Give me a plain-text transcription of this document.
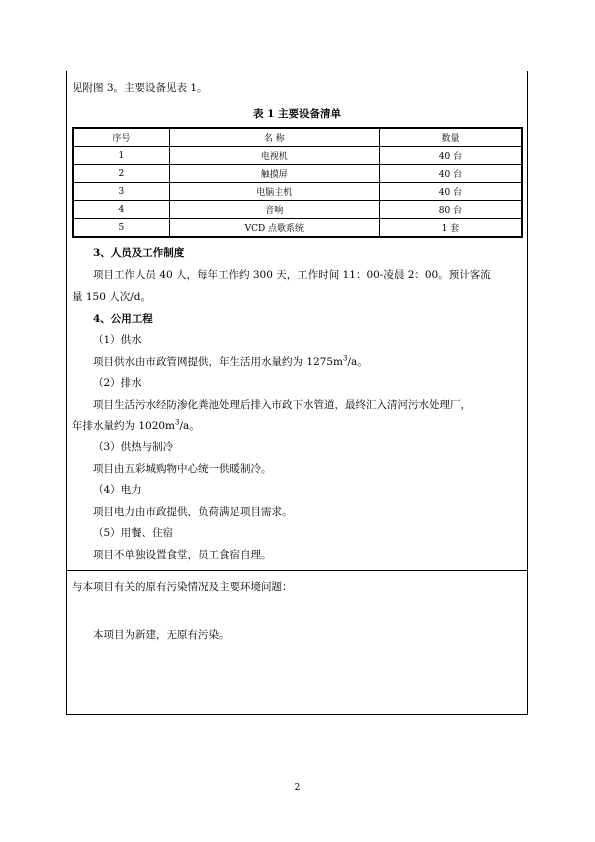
见附图 3。主要设备见表 1。
表 1 主要设备清单
序号	名 称	数量
1	电视机	40 台
2	触摸屏	40 台
3	电脑主机	40 台
4	音响	80 台
5	VCD 点歌系统	1 套
3、人员及工作制度
项目工作人员 40 人，每年工作约 300 天，工作时间 11：00-凌晨 2：00。预计客流
量 150 人次/d。
4、公用工程
（1）供水
项目供水由市政管网提供，年生活用水量约为 $1275m^3/a$。
（2）排水
项目生活污水经防渗化粪池处理后排入市政下水管道，最终汇入清河污水处理厂，
年排水量约为 $1020m^3/a$。
（3）供热与制冷
项目由五彩城购物中心统一供暖制冷。
（4）电力
项目电力由市政提供，负荷满足项目需求。
（5）用餐、住宿
项目不单独设置食堂，员工食宿自理。
与本项目有关的原有污染情况及主要环境问题：
本项目为新建，无原有污染。
2
